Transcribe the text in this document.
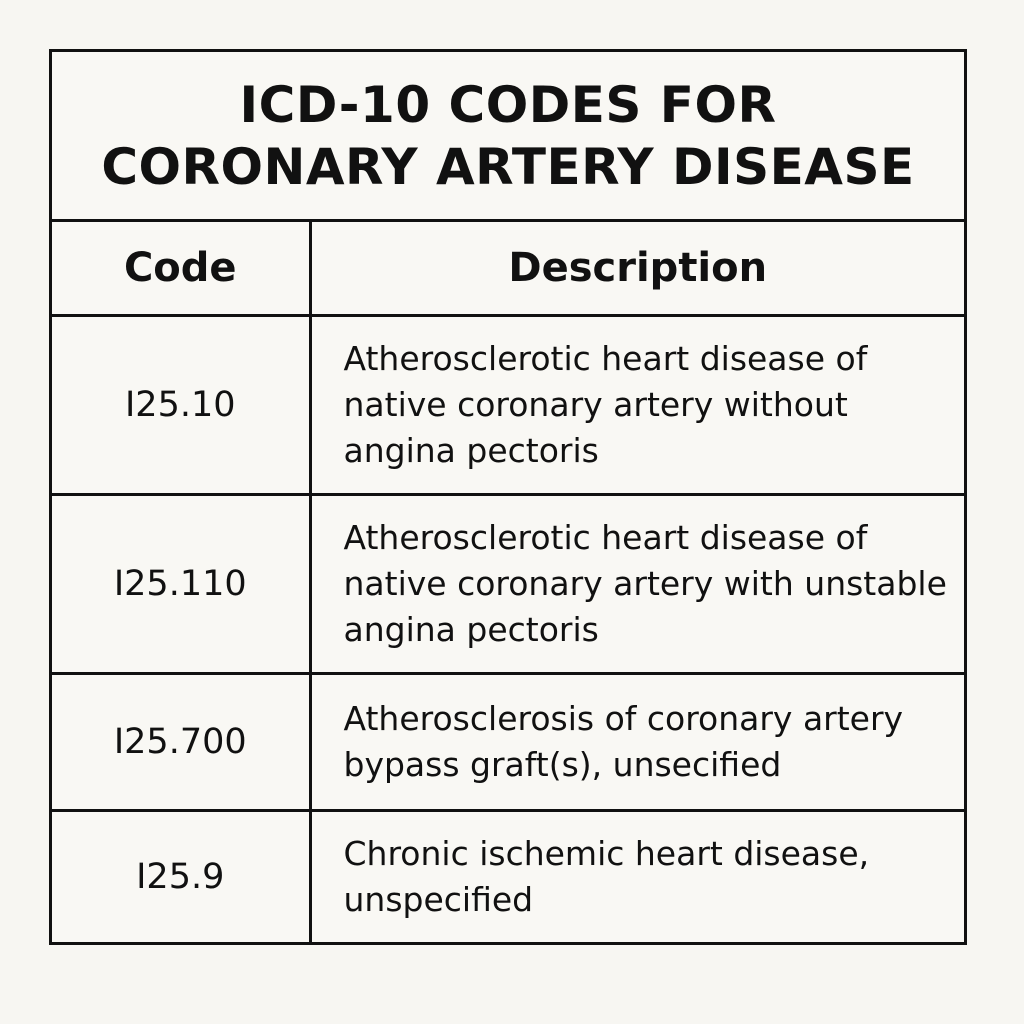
ICD-10 CODES FOR
CORONARY ARTERY DISEASE
Code	Description
I25.10	Atherosclerotic heart disease of native coronary artery without angina pectoris
I25.110	Atherosclerotic heart disease of native coronary artery with unstable angina pectoris
I25.700	Atherosclerosis of coronary artery bypass graft(s), unsecified
I25.9	Chronic ischemic heart disease, unspecified
